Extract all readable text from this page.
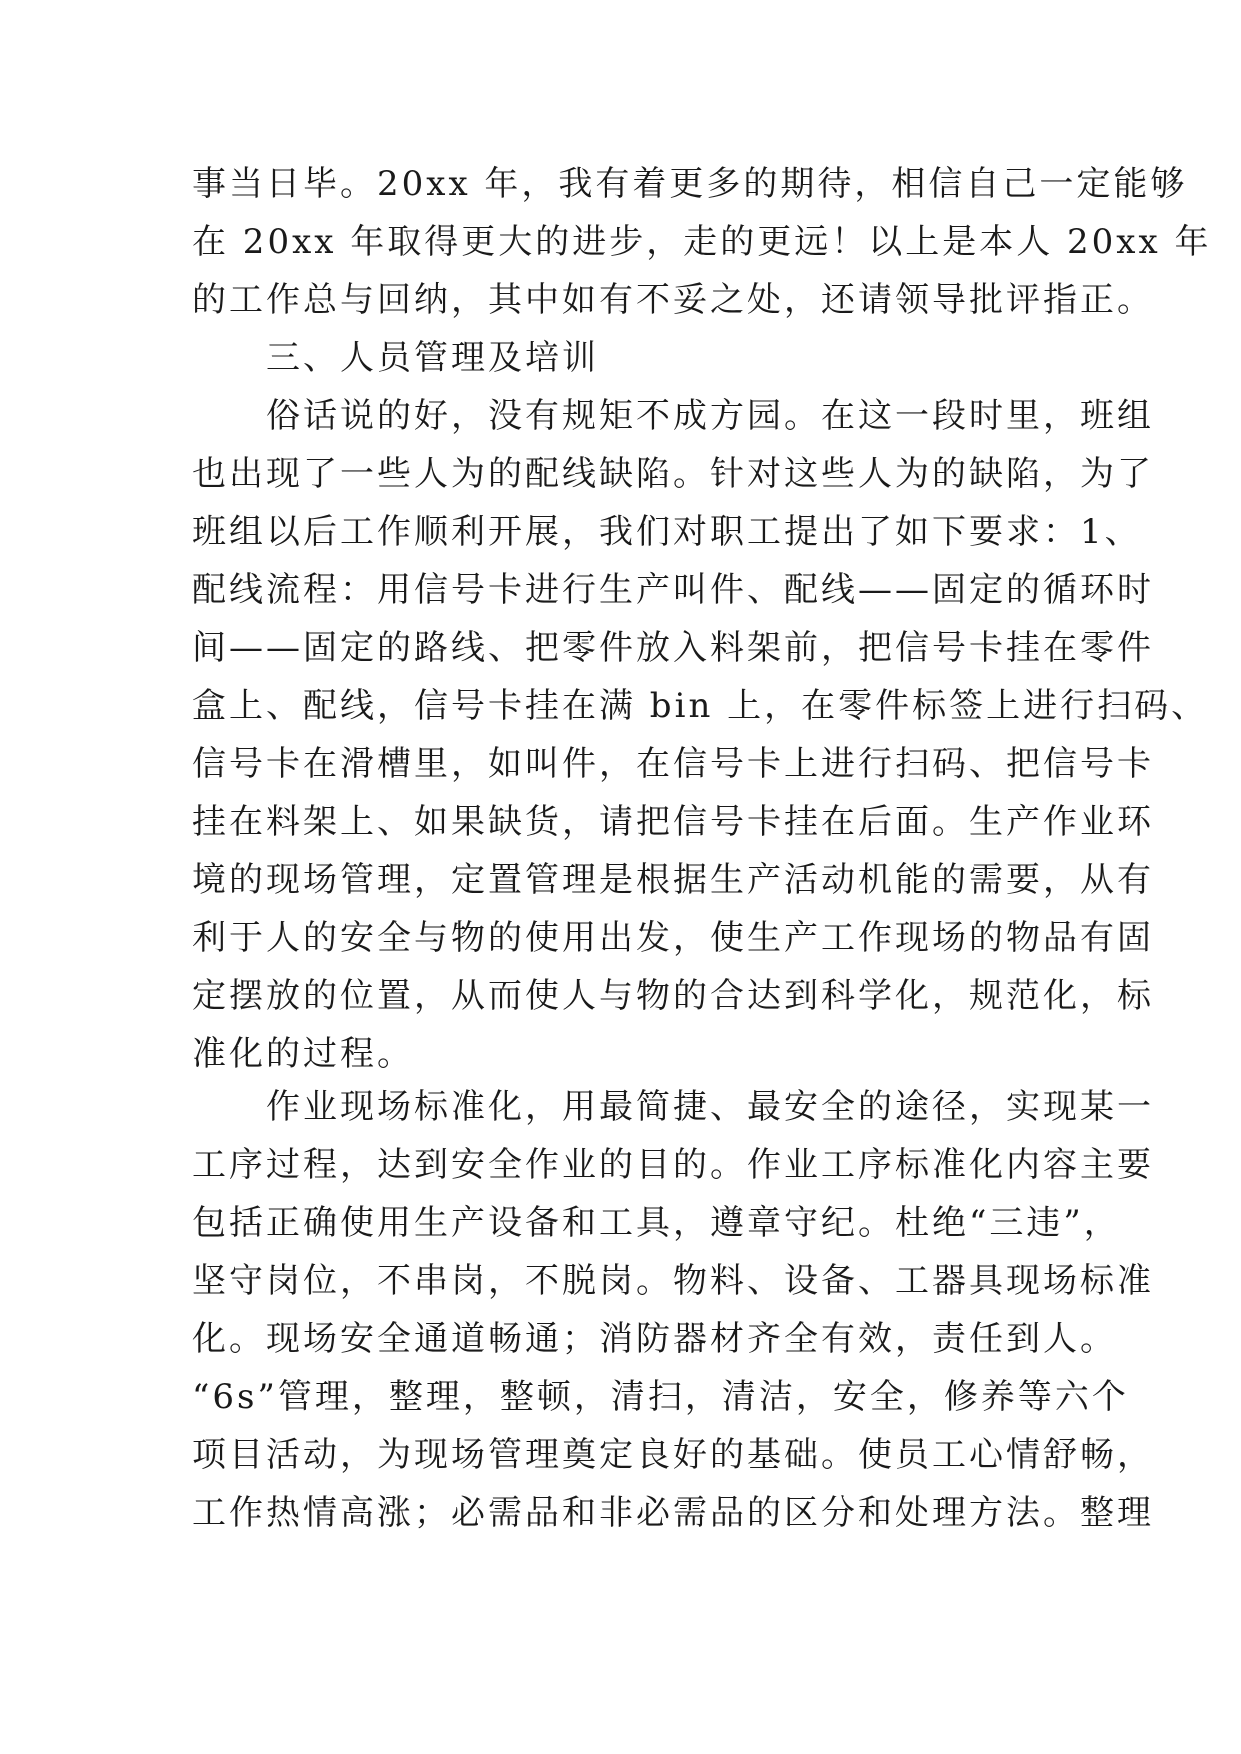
事当日毕。20xx 年，我有着更多的期待，相信自己一定能够
在 20xx 年取得更大的进步，走的更远！以上是本人 20xx 年
的工作总与回纳，其中如有不妥之处，还请领导批评指正。
　　三、人员管理及培训
　　俗话说的好，没有规矩不成方园。在这一段时里，班组
也出现了一些人为的配线缺陷。针对这些人为的缺陷，为了
班组以后工作顺利开展，我们对职工提出了如下要求：1、
配线流程：用信号卡进行生产叫件、配线——固定的循环时
间——固定的路线、把零件放入料架前，把信号卡挂在零件
盒上、配线，信号卡挂在满 bin 上，在零件标签上进行扫码、
信号卡在滑槽里，如叫件，在信号卡上进行扫码、把信号卡
挂在料架上、如果缺货，请把信号卡挂在后面。生产作业环
境的现场管理，定置管理是根据生产活动机能的需要，从有
利于人的安全与物的使用出发，使生产工作现场的物品有固
定摆放的位置，从而使人与物的合达到科学化，规范化，标
准化的过程。
　　作业现场标准化，用最简捷、最安全的途径，实现某一
工序过程，达到安全作业的目的。作业工序标准化内容主要
包括正确使用生产设备和工具，遵章守纪。杜绝“三违”，
坚守岗位，不串岗，不脱岗。物料、设备、工器具现场标准
化。现场安全通道畅通；消防器材齐全有效，责任到人。
“6s”管理，整理，整顿，清扫，清洁，安全，修养等六个
项目活动，为现场管理奠定良好的基础。使员工心情舒畅，
工作热情高涨；必需品和非必需品的区分和处理方法。整理
